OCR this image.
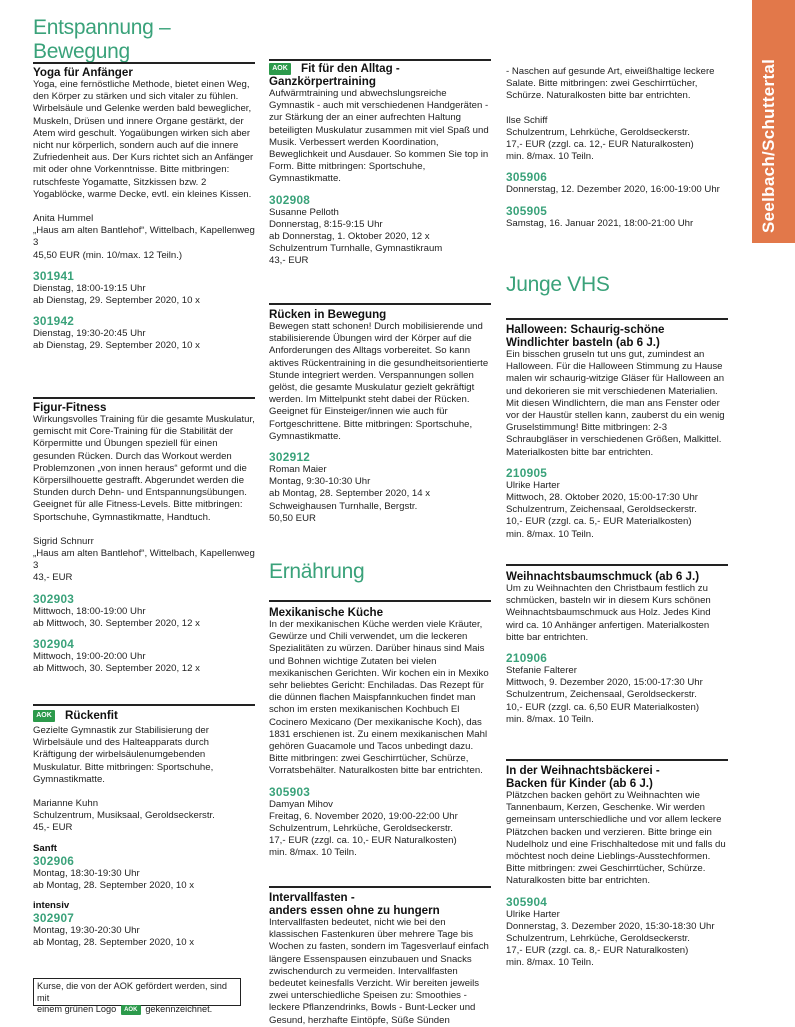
Seelbach/Schuttertal
Entspannung – Bewegung

Yoga für Anfänger

Yoga, eine fernöstliche Methode, bietet einen Weg, den Körper zu stärken und sich vitaler zu fühlen. Wirbelsäule und Gelenke werden bald beweglicher, Muskeln, Drüsen und innere Organe gestärkt, der Atem wird geschult. Yogaübungen wirken sich aber nicht nur körperlich, sondern auch auf die innere Zufriedenheit aus. Der Kurs richtet sich an Anfänger mit oder ohne Vorkenntnisse. Bitte mitbringen: rutschfeste Yogamatte, Sitzkissen bzw. 2 Yogablöcke, warme Decke, evtl. ein kleines Kissen.

Anita Hummel

„Haus am alten Bantlehof“, Wittelbach, Kapellenweg 3

45,50 EUR (min. 10/max. 12 Teiln.)

301941

Dienstag, 18:00-19:15 Uhr

ab Dienstag, 29. September 2020, 10 x

301942

Dienstag, 19:30-20:45 Uhr

ab Dienstag, 29. September 2020, 10 x

Figur-Fitness

Wirkungsvolles Training für die gesamte Muskulatur, gemischt mit Core-Training für die Stabilität der Körpermitte und Übungen speziell für einen gesunden Rücken. Durch das Workout werden Problemzonen „von innen heraus“ geformt und die Körpersilhouette gestrafft. Abgerundet werden die Stunden durch Dehn- und Entspannungsübungen. Geeignet für alle Fitness-Levels. Bitte mitbringen: Sportschuhe, Gymnastikmatte, Handtuch.

Sigrid Schnurr

„Haus am alten Bantlehof“, Wittelbach, Kapellenweg 3

43,- EUR

302903

Mittwoch, 18:00-19:00 Uhr

ab Mittwoch, 30. September 2020, 12 x

302904

Mittwoch, 19:00-20:00 Uhr

ab Mittwoch, 30. September 2020, 12 x

AOK Rückenfit

Gezielte Gymnastik zur Stabilisierung der Wirbelsäule und des Halteapparats durch Kräftigung der wirbelsäulenumgebenden Muskulatur. Bitte mitbringen: Sportschuhe, Gymnastikmatte.

Marianne Kuhn

Schulzentrum, Musiksaal, Geroldseckerstr.

45,- EUR

Sanft

302906

Montag, 18:30-19:30 Uhr

ab Montag, 28. September 2020, 10 x

intensiv

302907

Montag, 19:30-20:30 Uhr

ab Montag, 28. September 2020, 10 x

Kurse, die von der AOK gefördert werden, sind mit

einem grünen Logo AOK gekennzeichnet.

AOK Fit für den Alltag -

Ganzkörpertraining

Aufwärmtraining und abwechslungsreiche Gymnastik - auch mit verschiedenen Handgeräten - zur Stärkung der an einer aufrechten Haltung beteiligten Muskulatur zusammen mit viel Spaß und Musik. Verbessert werden Koordination, Beweglichkeit und Ausdauer. So kommen Sie top in Form. Bitte mitbringen: Sportschuhe, Gymnastikmatte.

302908

Susanne Pelloth

Donnerstag, 8:15-9:15 Uhr

ab Donnerstag, 1. Oktober 2020, 12 x

Schulzentrum Turnhalle, Gymnastikraum

43,- EUR

Rücken in Bewegung

Bewegen statt schonen! Durch mobilisierende und stabilisierende Übungen wird der Körper auf die Anforderungen des Alltags vorbereitet. So kann aktives Rückentraining in die gesundheitsorientierte Stunde integriert werden. Verspannungen sollen gelöst, die gesamte Muskulatur gezielt gekräftigt werden. Im Mittelpunkt steht dabei der Rücken. Geeignet für Einsteiger/innen wie auch für Fortgeschrittene. Bitte mitbringen: Sportschuhe, Gymnastikmatte.

302912

Roman Maier

Montag, 9:30-10:30 Uhr

ab Montag, 28. September 2020, 14 x

Schweighausen Turnhalle, Bergstr.

50,50 EUR

Ernährung

Mexikanische Küche

In der mexikanischen Küche werden viele Kräuter, Gewürze und Chili verwendet, um die leckeren Spezialitäten zu würzen. Darüber hinaus sind Mais und Bohnen wichtige Zutaten bei vielen mexikanischen Gerichten. Wir kochen ein in Mexiko sehr beliebtes Gericht: Enchiladas. Das Rezept für die dünnen flachen Maispfannkuchen findet man schon im ersten mexikanischen Kochbuch El Cocinero Mexicano (Der mexikanische Koch), das 1831 erschienen ist. Zu einem mexikanischen Mahl gehören Guacamole und Tacos unbedingt dazu. Bitte mitbringen: zwei Geschirrtücher, Schürze, Vorratsbehälter. Naturalkosten bitte bar entrichten.

305903

Damyan Mihov

Freitag, 6. November 2020, 19:00-22:00 Uhr

Schulzentrum, Lehrküche, Geroldseckerstr.

17,- EUR (zzgl. ca. 10,- EUR Naturalkosten)

min. 8/max. 10 Teiln.

Intervallfasten -

anders essen ohne zu hungern

Intervallfasten bedeutet, nicht wie bei den klassischen Fastenkuren über mehrere Tage bis Wochen zu fasten, sondern im Tagesverlauf einfach längere Essenspausen einzubauen und Snacks zwischendurch zu vermeiden. Intervallfasten bedeutet keinesfalls Verzicht. Wir bereiten jeweils zwei unterschiedliche Speisen zu: Smoothies - leckere Pflanzendrinks, Bowls - Bunt-Lecker und Gesund, herzhafte Eintöpfe, Süße Sünden

- Naschen auf gesunde Art, eiweißhaltige leckere Salate. Bitte mitbringen: zwei Geschirrtücher, Schürze. Naturalkosten bitte bar entrichten.

Ilse Schiff

Schulzentrum, Lehrküche, Geroldseckerstr.

17,- EUR (zzgl. ca. 12,- EUR Naturalkosten)

min. 8/max. 10 Teiln.

305906

Donnerstag, 12. Dezember 2020, 16:00-19:00 Uhr

305905

Samstag, 16. Januar 2021, 18:00-21:00 Uhr

Junge VHS

Halloween: Schaurig-schöne

Windlichter basteln (ab 6 J.)

Ein bisschen gruseln tut uns gut, zumindest an Halloween. Für die Halloween Stimmung zu Hause malen wir schaurig-witzige Gläser für Halloween an und dekorieren sie mit verschiedenen Materialien. Mit diesen Windlichtern, die man ans Fenster oder vor der Haustür stellen kann, zauberst du ein wenig Gruselstimmung! Bitte mitbringen: 2-3 Schraubgläser in verschiedenen Größen, Malkittel. Materialkosten bitte bar entrichten.

210905

Ulrike Harter

Mittwoch, 28. Oktober 2020, 15:00-17:30 Uhr

Schulzentrum, Zeichensaal, Geroldseckerstr.

10,- EUR (zzgl. ca. 5,- EUR Materialkosten)

min. 8/max. 10 Teiln.

Weihnachtsbaumschmuck (ab 6 J.)

Um zu Weihnachten den Christbaum festlich zu schmücken, basteln wir in diesem Kurs schönen Weihnachtsbaumschmuck aus Holz. Jedes Kind wird ca. 10 Anhänger anfertigen. Materialkosten bitte bar entrichten.

210906

Stefanie Falterer

Mittwoch, 9. Dezember 2020, 15:00-17:30 Uhr

Schulzentrum, Zeichensaal, Geroldseckerstr.

10,- EUR (zzgl. ca. 6,50 EUR Materialkosten)

min. 8/max. 10 Teiln.

In der Weihnachtsbäckerei -

Backen für Kinder (ab 6 J.)

Plätzchen backen gehört zu Weihnachten wie Tannenbaum, Kerzen, Geschenke. Wir werden gemeinsam unterschiedliche und vor allem leckere Plätzchen backen und verzieren. Bitte bringe ein Nudelholz und eine Frischhaltedose mit und falls du möchtest noch deine Lieblings-Ausstechformen. Bitte mitbringen: zwei Geschirrtücher, Schürze. Naturalkosten bitte bar entrichten.

305904

Ulrike Harter

Donnerstag, 3. Dezember 2020, 15:30-18:30 Uhr

Schulzentrum, Lehrküche, Geroldseckerstr.

17,- EUR (zzgl. ca. 8,- EUR Naturalkosten)

min. 8/max. 10 Teiln.
